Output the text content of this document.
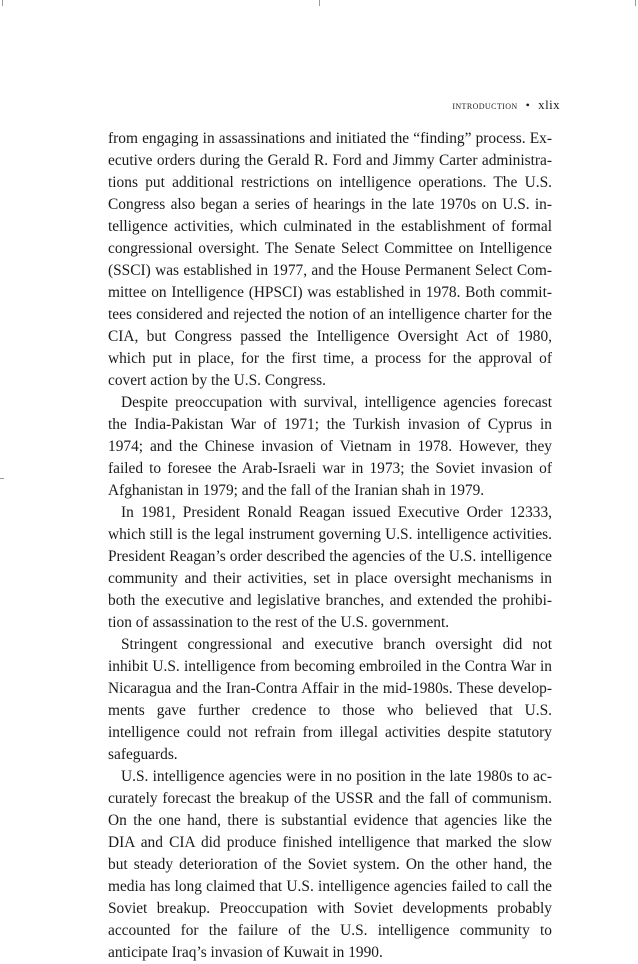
introduction • xlix

from engaging in assassinations and initiated the “finding” process. Executive orders during the Gerald R. Ford and Jimmy Carter administrations put additional restrictions on intelligence operations. The U.S. Congress also began a series of hearings in the late 1970s on U.S. intelligence activities, which culminated in the establishment of formal congressional oversight. The Senate Select Committee on Intelligence (SSCI) was established in 1977, and the House Permanent Select Committee on Intelligence (HPSCI) was established in 1978. Both committees considered and rejected the notion of an intelligence charter for the CIA, but Congress passed the Intelligence Oversight Act of 1980, which put in place, for the first time, a process for the approval of covert action by the U.S. Congress.

Despite preoccupation with survival, intelligence agencies forecast the India-Pakistan War of 1971; the Turkish invasion of Cyprus in 1974; and the Chinese invasion of Vietnam in 1978. However, they failed to foresee the Arab-Israeli war in 1973; the Soviet invasion of Afghanistan in 1979; and the fall of the Iranian shah in 1979.

In 1981, President Ronald Reagan issued Executive Order 12333, which still is the legal instrument governing U.S. intelligence activities. President Reagan’s order described the agencies of the U.S. intelligence community and their activities, set in place oversight mechanisms in both the executive and legislative branches, and extended the prohibition of assassination to the rest of the U.S. government.

Stringent congressional and executive branch oversight did not inhibit U.S. intelligence from becoming embroiled in the Contra War in Nicaragua and the Iran-Contra Affair in the mid-1980s. These developments gave further credence to those who believed that U.S. intelligence could not refrain from illegal activities despite statutory safeguards.

U.S. intelligence agencies were in no position in the late 1980s to accurately forecast the breakup of the USSR and the fall of communism. On the one hand, there is substantial evidence that agencies like the DIA and CIA did produce finished intelligence that marked the slow but steady deterioration of the Soviet system. On the other hand, the media has long claimed that U.S. intelligence agencies failed to call the Soviet breakup. Preoccupation with Soviet developments probably accounted for the failure of the U.S. intelligence community to anticipate Iraq’s invasion of Kuwait in 1990.
